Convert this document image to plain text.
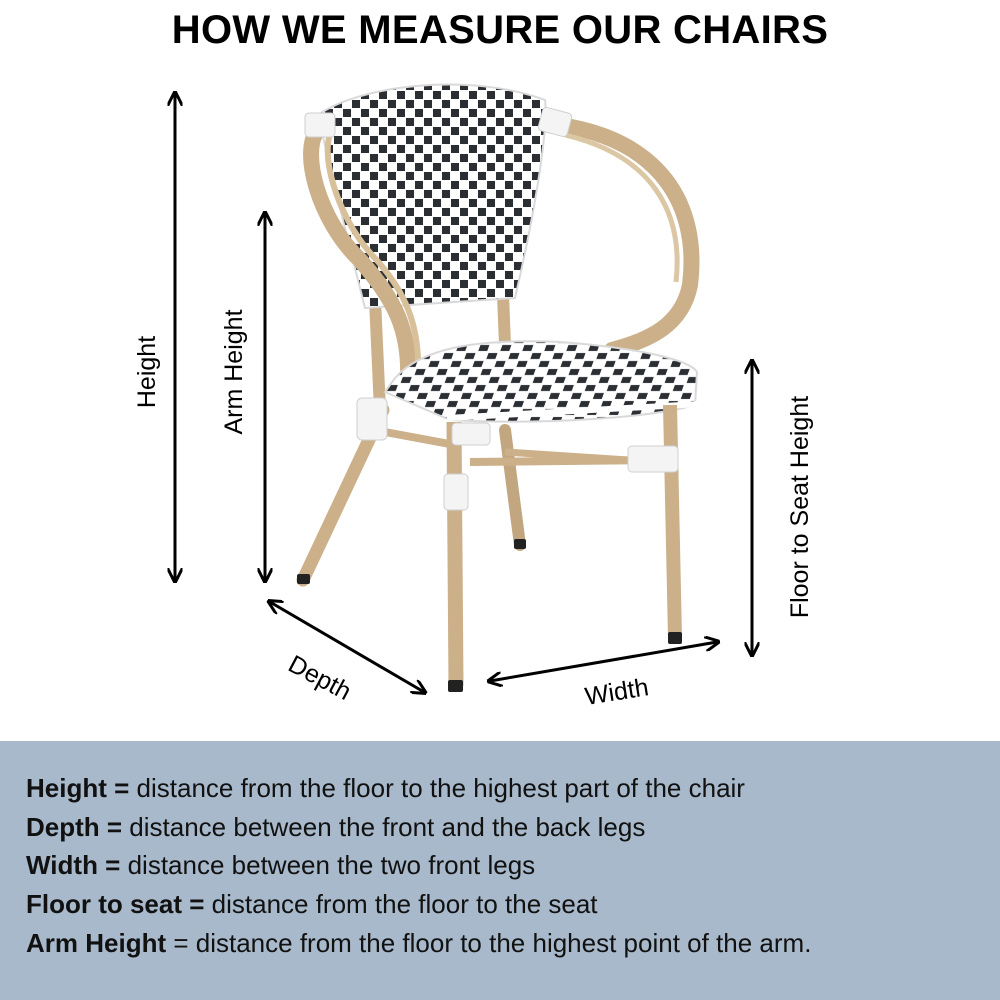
HOW WE MEASURE OUR CHAIRS
Height Arm Height
Floor to Seat Height
Depth	Width
Height = distance from the floor to the highest part of the chair
Depth = distance between the front and the back legs
Width = distance between the two front legs
Floor to seat = distance from the floor to the seat
Arm Height = distance from the floor to the highest point of the arm.
